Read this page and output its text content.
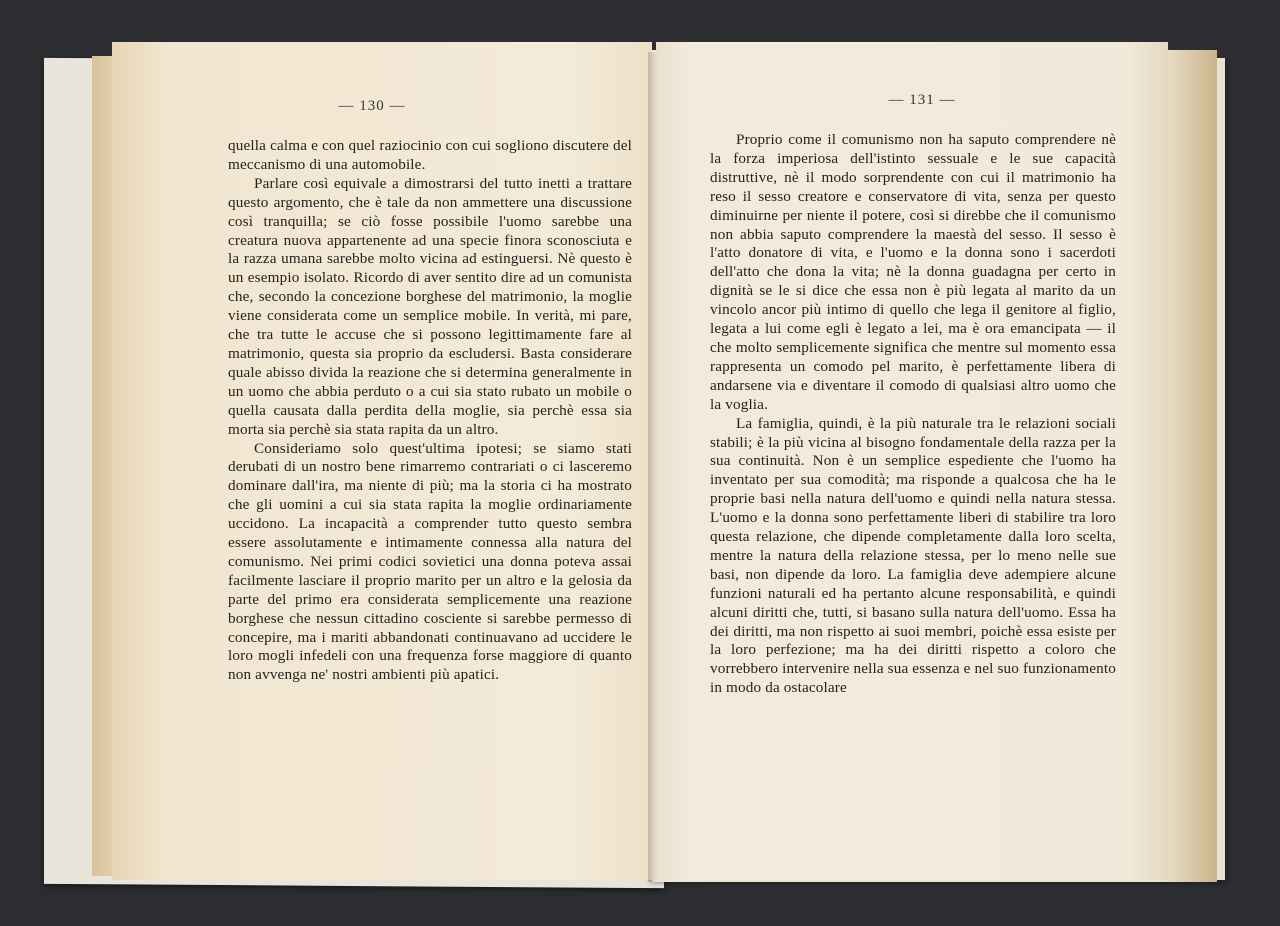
— 130 —

quella calma e con quel raziocinio con cui sogliono discutere del meccanismo di una automobile.

Parlare così equivale a dimostrarsi del tutto inetti a trattare questo argomento, che è tale da non ammettere una discussione così tranquilla; se ciò fosse possibile l'uomo sarebbe una creatura nuova appartenente ad una specie finora sconosciuta e la razza umana sarebbe molto vicina ad estinguersi. Nè questo è un esempio isolato. Ricordo di aver sentito dire ad un comunista che, secondo la concezione borghese del matrimonio, la moglie viene considerata come un semplice mobile. In verità, mi pare, che tra tutte le accuse che si possono legittimamente fare al matrimonio, questa sia proprio da escludersi. Basta considerare quale abisso divida la reazione che si determina generalmente in un uomo che abbia perduto o a cui sia stato rubato un mobile o quella causata dalla perdita della moglie, sia perchè essa sia morta sia perchè sia stata rapita da un altro.

Consideriamo solo quest'ultima ipotesi; se siamo stati derubati di un nostro bene rimarremo contrariati o ci lasceremo dominare dall'ira, ma niente di più; ma la storia ci ha mostrato che gli uomini a cui sia stata rapita la moglie ordinariamente uccidono. La incapacità a comprender tutto questo sembra essere assolutamente e intimamente connessa alla natura del comunismo. Nei primi codici sovietici una donna poteva assai facilmente lasciare il proprio marito per un altro e la gelosia da parte del primo era considerata semplicemente una reazione borghese che nessun cittadino cosciente si sarebbe permesso di concepire, ma i mariti abbandonati continuavano ad uccidere le loro mogli infedeli con una frequenza forse maggiore di quanto non avvenga ne' nostri ambienti più apatici.

— 131 —

Proprio come il comunismo non ha saputo comprendere nè la forza imperiosa dell'istinto sessuale e le sue capacità distruttive, nè il modo sorprendente con cui il matrimonio ha reso il sesso creatore e conservatore di vita, senza per questo diminuirne per niente il potere, così si direbbe che il comunismo non abbia saputo comprendere la maestà del sesso. Il sesso è l'atto donatore di vita, e l'uomo e la donna sono i sacerdoti dell'atto che dona la vita; nè la donna guadagna per certo in dignità se le si dice che essa non è più legata al marito da un vincolo ancor più intimo di quello che lega il genitore al figlio, legata a lui come egli è legato a lei, ma è ora emancipata — il che molto semplicemente significa che mentre sul momento essa rappresenta un comodo pel marito, è perfettamente libera di andarsene via e diventare il comodo di qualsiasi altro uomo che la voglia.

La famiglia, quindi, è la più naturale tra le relazioni sociali stabili; è la più vicina al bisogno fondamentale della razza per la sua continuità. Non è un semplice espediente che l'uomo ha inventato per sua comodità; ma risponde a qualcosa che ha le proprie basi nella natura dell'uomo e quindi nella natura stessa. L'uomo e la donna sono perfettamente liberi di stabilire tra loro questa relazione, che dipende completamente dalla loro scelta, mentre la natura della relazione stessa, per lo meno nelle sue basi, non dipende da loro. La famiglia deve adempiere alcune funzioni naturali ed ha pertanto alcune responsabilità, e quindi alcuni diritti che, tutti, si basano sulla natura dell'uomo. Essa ha dei diritti, ma non rispetto ai suoi membri, poichè essa esiste per la loro perfezione; ma ha dei diritti rispetto a coloro che vorrebbero intervenire nella sua essenza e nel suo funzionamento in modo da ostacolare
